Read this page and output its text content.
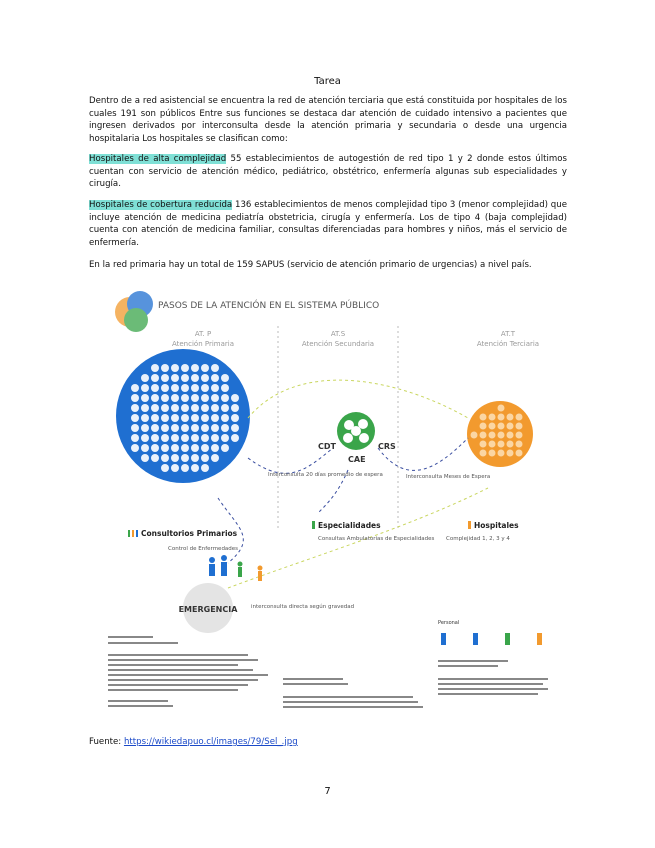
Tarea

Dentro de a red asistencial se encuentra la red de atención terciaria que está constituida por hospitales de los cuales 191 son públicos Entre sus funciones se destaca dar atención de cuidado intensivo a pacientes que ingresen derivados por interconsulta desde la atención primaria y secundaria o desde una urgencia hospitalaria Los hospitales se clasifican como:

Hospitales de alta complejidad 55 establecimientos de autogestión de red tipo 1 y 2 donde estos últimos cuentan con servicio de atención médico, pediátrico, obstétrico, enfermería algunas sub especialidades y cirugía.

Hospitales de cobertura reducida 136 establecimientos de menos complejidad tipo 3 (menor complejidad) que incluye atención de medicina pediatría obstetricia, cirugía y enfermería. Los de tipo 4 (baja complejidad) cuenta con atención de medicina familiar, consultas diferenciadas para hombres y niños, más el servicio de enfermería.

En la red primaria hay un total de 159 SAPUS (servicio de atención primario de urgencias) a nivel país.

PASOS DE LA ATENCIÓN EN EL SISTEMA PÚBLICO
AT. P
Atención Primaria
AT.S
Atención Secundaria
AT.T
Atención Terciaria
CDT	CRS
CAE
Interconsulta 20 días promedio de espera	Interconsulta Meses de Espera
Consultorios Primarios
Control de Enfermedades
Especialidades
Consultas Ambulatorias de Especialidades
Hospitales
Complejidad 1, 2, 3 y 4
EMERGENCIA interconsulta directa según gravedad
Personal
Fuente: https://wikiedapuo.cl/images/79/Sel_.jpg
7
